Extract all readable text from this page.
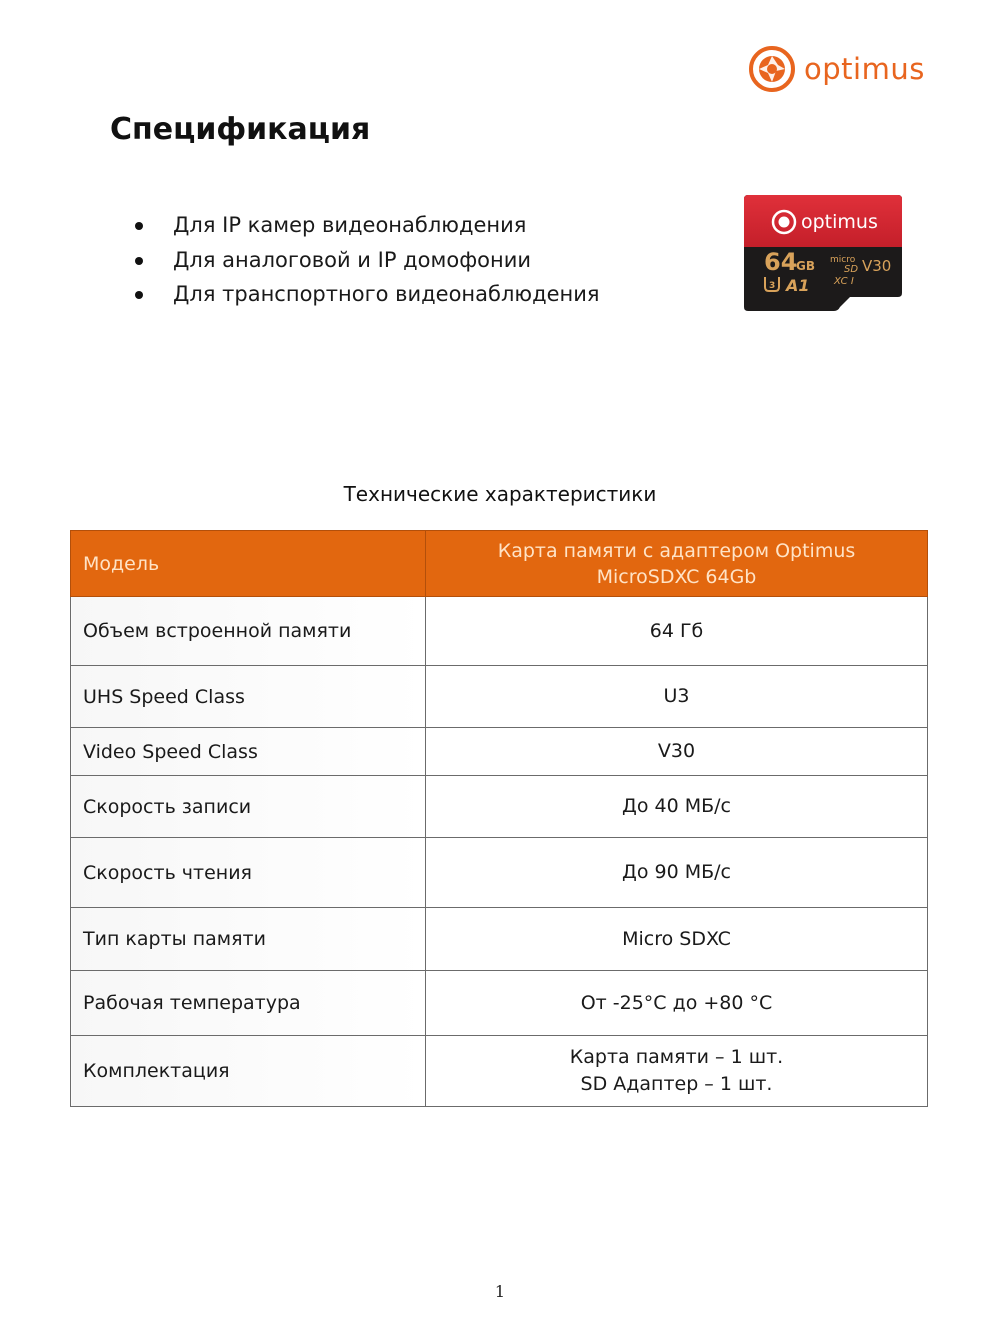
optimus
Спецификация
Для IP камер видеонаблюдения
Для аналоговой и IP домофонии
Для транспортного видеонаблюдения
optimus
64
GB micro
SD
XC I
V30
3 A1
Технические характеристики
Модель	Карта памяти с адаптером Optimus
MicroSDXC 64Gb

Объем встроенной памяти	64 Гб
UHS Speed Class	U3
Video Speed Class	V30
Скорость записи	До 40 МБ/с
Скорость чтения	До 90 МБ/с
Тип карты памяти	Micro SDXC
Рабочая температура	От -25°С до +80 °С
Комплектация	Карта памяти – 1 шт.
SD Адаптер – 1 шт.
1
